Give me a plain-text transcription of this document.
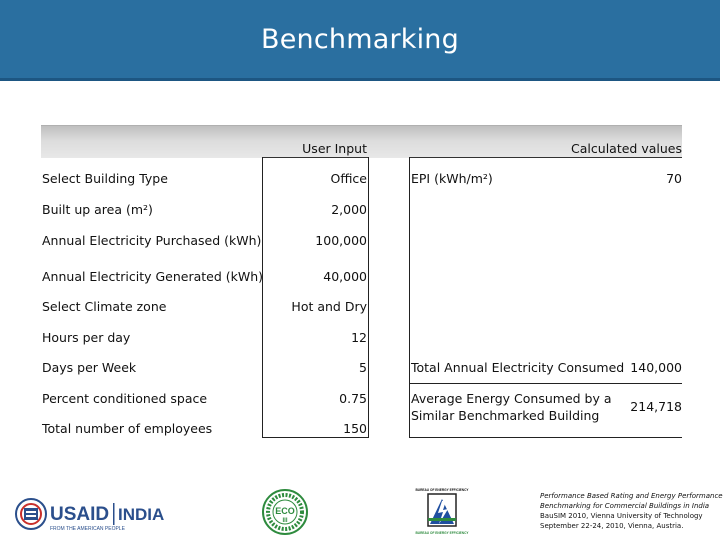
Benchmarking
User Input	Calculated values
Select Building Type
Built up area (m²)
Annual Electricity Purchased (kWh)
Annual Electricity Generated (kWh)
Select Climate zone
Hours per day
Days per Week
Percent conditioned space
Total number of employees
Office
2,000
100,000
40,000
Hot and Dry
12
5
0.75
150
EPI (kWh/m²)	70
Total Annual Electricity Consumed 140,000
Average Energy Consumed by a
Similar Benchmarked Building
214,718
USAID INDIA
FROM THE AMERICAN PEOPLE
ECO
III
BUREAU OF ENERGY EFFICIENCY
BUREAU OF ENERGY EFFICIENCY
Performance Based Rating and Energy Performance
Benchmarking for Commercial Buildings in India
BauSIM 2010, Vienna University of Technology
September 22-24, 2010, Vienna, Austria.
